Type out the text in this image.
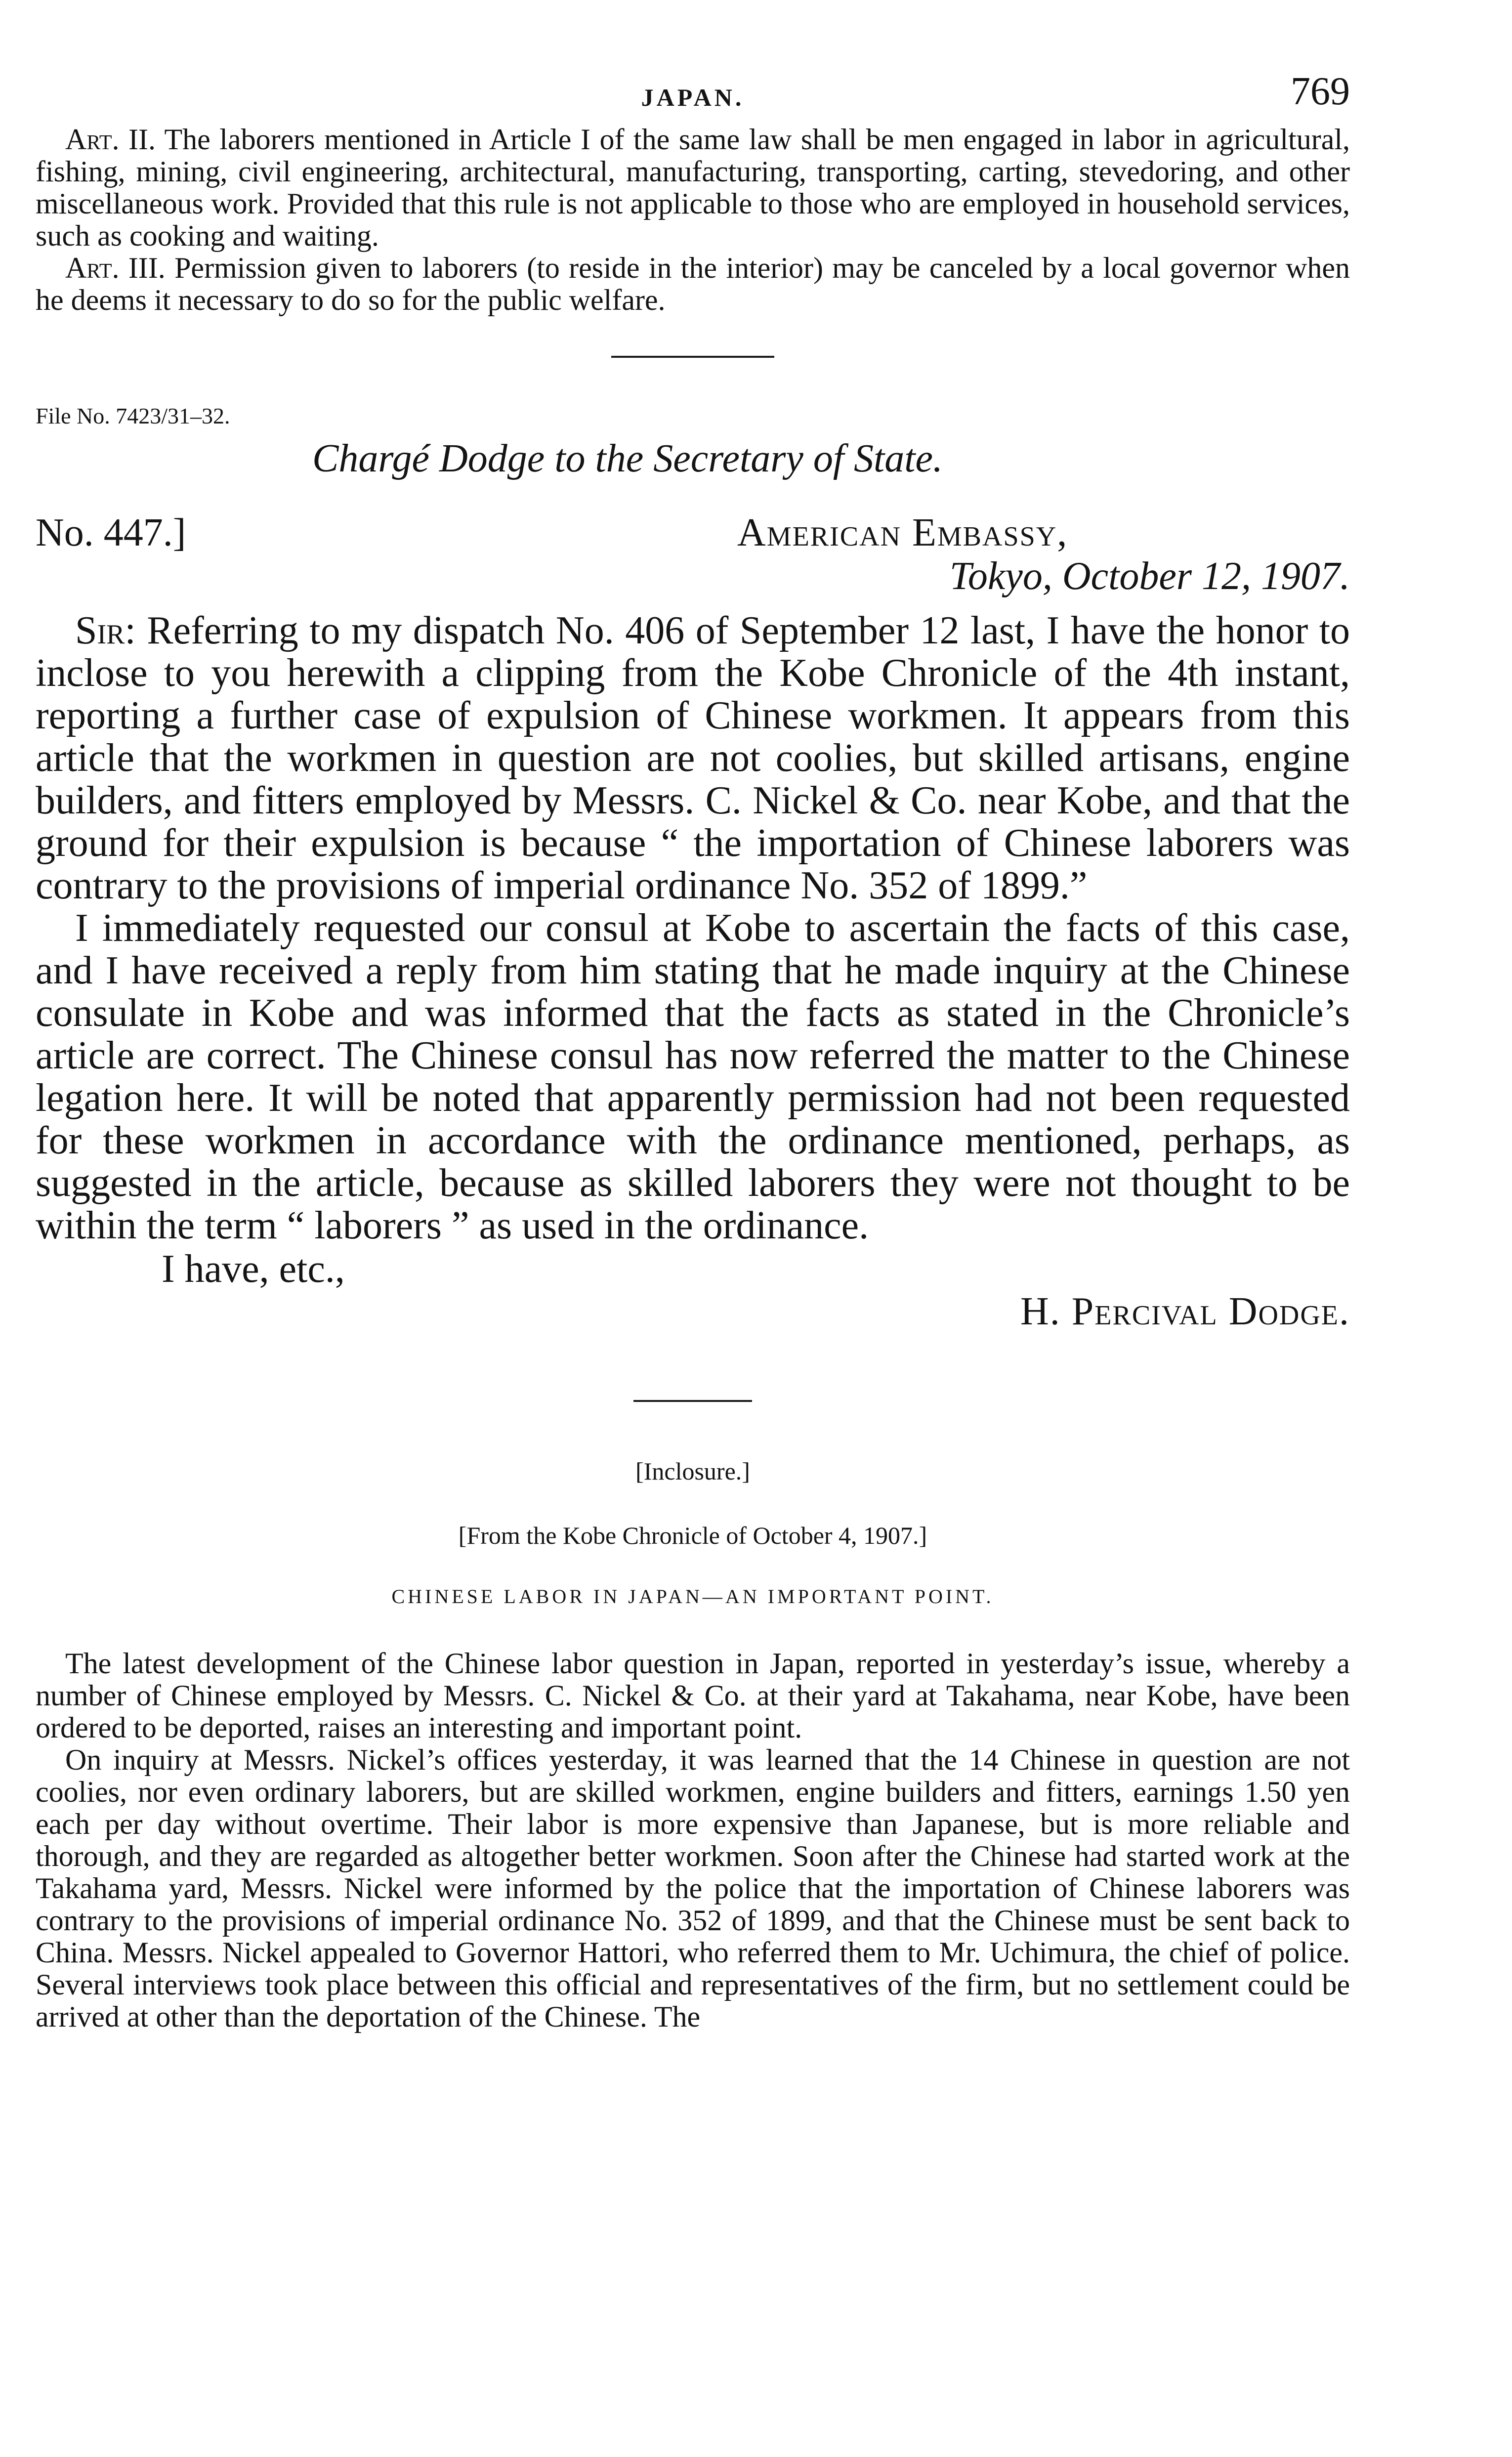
JAPAN.	769

Art. II. The laborers mentioned in Article I of the same law shall be men engaged in labor in agricultural, fishing, mining, civil engineering, architectural, manufacturing, transporting, carting, stevedoring, and other miscellaneous work. Provided that this rule is not applicable to those who are employed in household services, such as cooking and waiting.

Art. III. Permission given to laborers (to reside in the interior) may be canceled by a local governor when he deems it necessary to do so for the public welfare.

File No. 7423/31–32.
Chargé Dodge to the Secretary of State.
No. 447.]	American Embassy,
Tokyo, October 12, 1907.

Sir: Referring to my dispatch No. 406 of September 12 last, I have the honor to inclose to you herewith a clipping from the Kobe Chronicle of the 4th instant, reporting a further case of expulsion of Chinese workmen. It appears from this article that the workmen in question are not coolies, but skilled artisans, engine builders, and fitters employed by Messrs. C. Nickel & Co. near Kobe, and that the ground for their expulsion is because “ the importation of Chinese laborers was contrary to the provisions of imperial ordinance No. 352 of 1899.”

I immediately requested our consul at Kobe to ascertain the facts of this case, and I have received a reply from him stating that he made inquiry at the Chinese consulate in Kobe and was informed that the facts as stated in the Chronicle’s article are correct. The Chinese consul has now referred the matter to the Chinese legation here. It will be noted that apparently permission had not been requested for these workmen in accordance with the ordinance mentioned, perhaps, as suggested in the article, because as skilled laborers they were not thought to be within the term “ laborers ” as used in the ordinance.

I have, etc.,
H. Percival Dodge.
[Inclosure.]
[From the Kobe Chronicle of October 4, 1907.]
CHINESE LABOR IN JAPAN—AN IMPORTANT POINT.

The latest development of the Chinese labor question in Japan, reported in yesterday’s issue, whereby a number of Chinese employed by Messrs. C. Nickel & Co. at their yard at Takahama, near Kobe, have been ordered to be deported, raises an interesting and important point.

On inquiry at Messrs. Nickel’s offices yesterday, it was learned that the 14 Chinese in question are not coolies, nor even ordinary laborers, but are skilled workmen, engine builders and fitters, earnings 1.50 yen each per day without overtime. Their labor is more expensive than Japanese, but is more reliable and thorough, and they are regarded as altogether better workmen. Soon after the Chinese had started work at the Takahama yard, Messrs. Nickel were informed by the police that the importation of Chinese laborers was contrary to the provisions of imperial ordinance No. 352 of 1899, and that the Chinese must be sent back to China. Messrs. Nickel appealed to Governor Hattori, who referred them to Mr. Uchimura, the chief of police. Several interviews took place between this official and representatives of the firm, but no settlement could be arrived at other than the deportation of the Chinese. The
